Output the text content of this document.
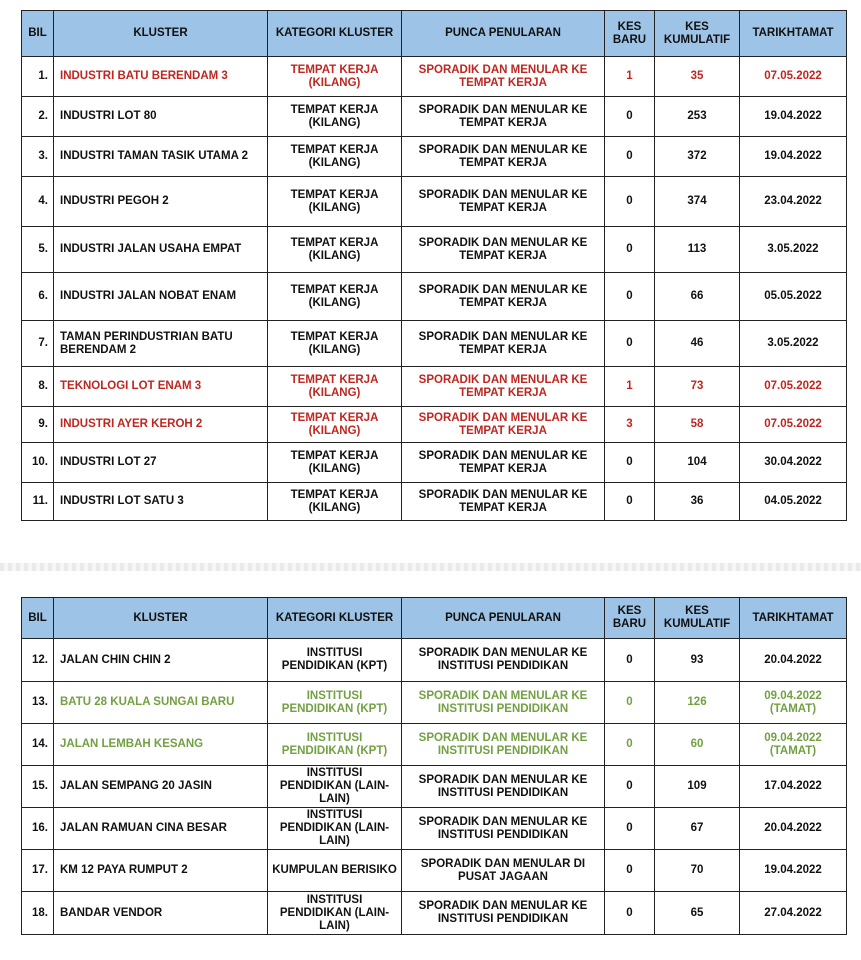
BIL	KLUSTER	KATEGORI KLUSTER	PUNCA PENULARAN	KES BARU	KES KUMULATIF	TARIKHTAMAT
1.	INDUSTRI BATU BERENDAM 3	TEMPAT KERJA (KILANG)	SPORADIK DAN MENULAR KE TEMPAT KERJA	1	35	07.05.2022
2.	INDUSTRI LOT 80	TEMPAT KERJA (KILANG)	SPORADIK DAN MENULAR KE TEMPAT KERJA	0	253	19.04.2022
3.	INDUSTRI TAMAN TASIK UTAMA 2	TEMPAT KERJA (KILANG)	SPORADIK DAN MENULAR KE TEMPAT KERJA	0	372	19.04.2022
4.	INDUSTRI PEGOH 2	TEMPAT KERJA (KILANG)	SPORADIK DAN MENULAR KE TEMPAT KERJA	0	374	23.04.2022
5.	INDUSTRI JALAN USAHA EMPAT	TEMPAT KERJA (KILANG)	SPORADIK DAN MENULAR KE TEMPAT KERJA	0	113	3.05.2022
6.	INDUSTRI JALAN NOBAT ENAM	TEMPAT KERJA (KILANG)	SPORADIK DAN MENULAR KE TEMPAT KERJA	0	66	05.05.2022
7.	TAMAN PERINDUSTRIAN BATU BERENDAM 2	TEMPAT KERJA (KILANG)	SPORADIK DAN MENULAR KE TEMPAT KERJA	0	46	3.05.2022
8.	TEKNOLOGI LOT ENAM 3	TEMPAT KERJA (KILANG)	SPORADIK DAN MENULAR KE TEMPAT KERJA	1	73	07.05.2022
9.	INDUSTRI AYER KEROH 2	TEMPAT KERJA (KILANG)	SPORADIK DAN MENULAR KE TEMPAT KERJA	3	58	07.05.2022
10.	INDUSTRI LOT 27	TEMPAT KERJA (KILANG)	SPORADIK DAN MENULAR KE TEMPAT KERJA	0	104	30.04.2022
11.	INDUSTRI LOT SATU 3	TEMPAT KERJA (KILANG)	SPORADIK DAN MENULAR KE TEMPAT KERJA	0	36	04.05.2022
BIL	KLUSTER	KATEGORI KLUSTER	PUNCA PENULARAN	KES BARU	KES KUMULATIF	TARIKHTAMAT
12.	JALAN CHIN CHIN 2	INSTITUSI PENDIDIKAN (KPT)	SPORADIK DAN MENULAR KE INSTITUSI PENDIDIKAN	0	93	20.04.2022
13.	BATU 28 KUALA SUNGAI BARU	INSTITUSI PENDIDIKAN (KPT)	SPORADIK DAN MENULAR KE INSTITUSI PENDIDIKAN	0	126	09.04.2022 (TAMAT)
14.	JALAN LEMBAH KESANG	INSTITUSI PENDIDIKAN (KPT)	SPORADIK DAN MENULAR KE INSTITUSI PENDIDIKAN	0	60	09.04.2022 (TAMAT)
15.	JALAN SEMPANG 20 JASIN	INSTITUSI PENDIDIKAN (LAIN-LAIN)	SPORADIK DAN MENULAR KE INSTITUSI PENDIDIKAN	0	109	17.04.2022
16.	JALAN RAMUAN CINA BESAR	INSTITUSI PENDIDIKAN (LAIN-LAIN)	SPORADIK DAN MENULAR KE INSTITUSI PENDIDIKAN	0	67	20.04.2022
17.	KM 12 PAYA RUMPUT 2	KUMPULAN BERISIKO	SPORADIK DAN MENULAR DI PUSAT JAGAAN	0	70	19.04.2022
18.	BANDAR VENDOR	INSTITUSI PENDIDIKAN (LAIN-LAIN)	SPORADIK DAN MENULAR KE INSTITUSI PENDIDIKAN	0	65	27.04.2022
